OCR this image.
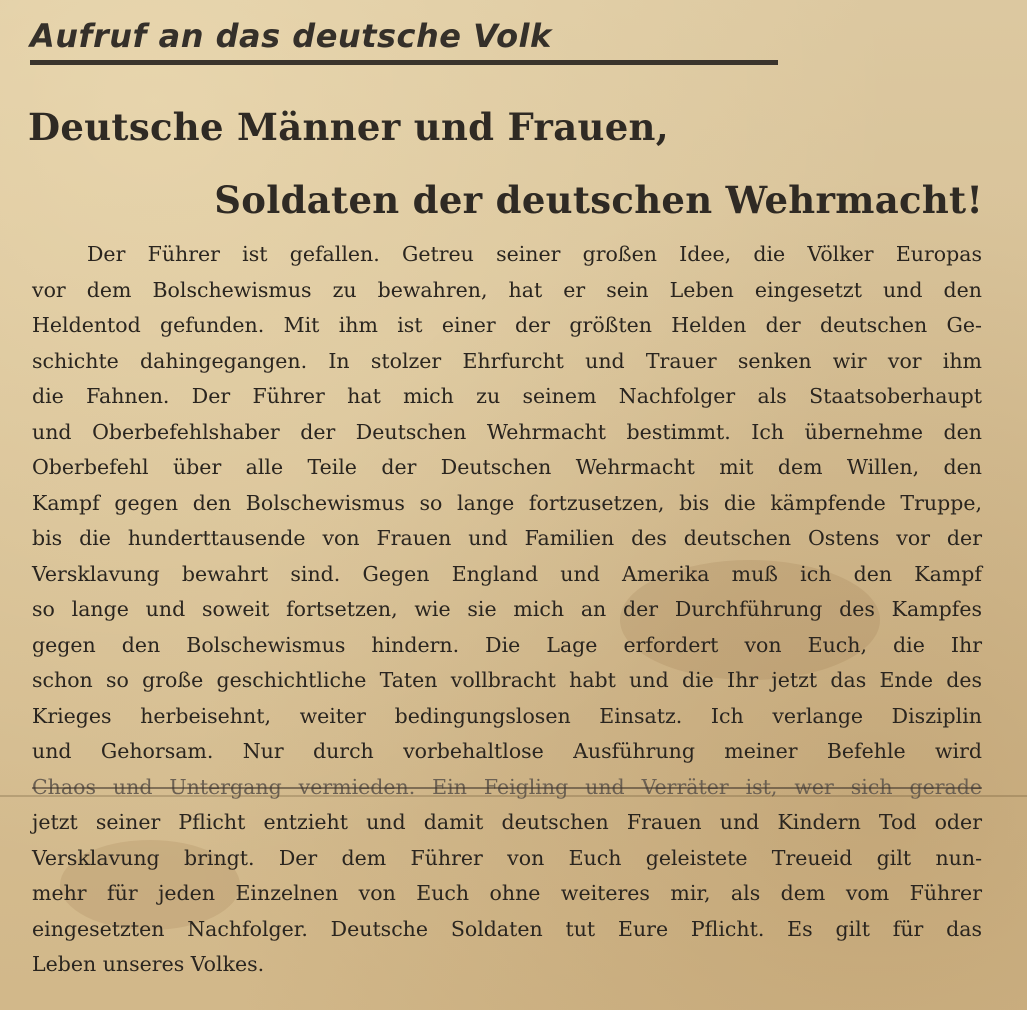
Aufruf an das deutsche Volk
Deutsche Männer und Frauen,
Soldaten der deutschen Wehrmacht!
Der Führer ist gefallen. Getreu seiner großen Idee, die Völker Europas
vor dem Bolschewismus zu bewahren, hat er sein Leben eingesetzt und den
Heldentod gefunden. Mit ihm ist einer der größten Helden der deutschen Ge-
schichte dahingegangen. In stolzer Ehrfurcht und Trauer senken wir vor ihm
die Fahnen. Der Führer hat mich zu seinem Nachfolger als Staatsoberhaupt
und Oberbefehlshaber der Deutschen Wehrmacht bestimmt. Ich übernehme den
Oberbefehl über alle Teile der Deutschen Wehrmacht mit dem Willen, den
Kampf gegen den Bolschewismus so lange fortzusetzen, bis die kämpfende Truppe,
bis die hunderttausende von Frauen und Familien des deutschen Ostens vor der
Versklavung bewahrt sind. Gegen England und Amerika muß ich den Kampf
so lange und soweit fortsetzen, wie sie mich an der Durchführung des Kampfes
gegen den Bolschewismus hindern. Die Lage erfordert von Euch, die Ihr
schon so große geschichtliche Taten vollbracht habt und die Ihr jetzt das Ende des
Krieges herbeisehnt, weiter bedingungslosen Einsatz. Ich verlange Disziplin
und Gehorsam. Nur durch vorbehaltlose Ausführung meiner Befehle wird
Chaos und Untergang vermieden. Ein Feigling und Verräter ist, wer sich gerade
jetzt seiner Pflicht entzieht und damit deutschen Frauen und Kindern Tod oder
Versklavung bringt. Der dem Führer von Euch geleistete Treueid gilt nun-
mehr für jeden Einzelnen von Euch ohne weiteres mir, als dem vom Führer
eingesetzten Nachfolger. Deutsche Soldaten tut Eure Pflicht. Es gilt für das
Leben unseres Volkes.
